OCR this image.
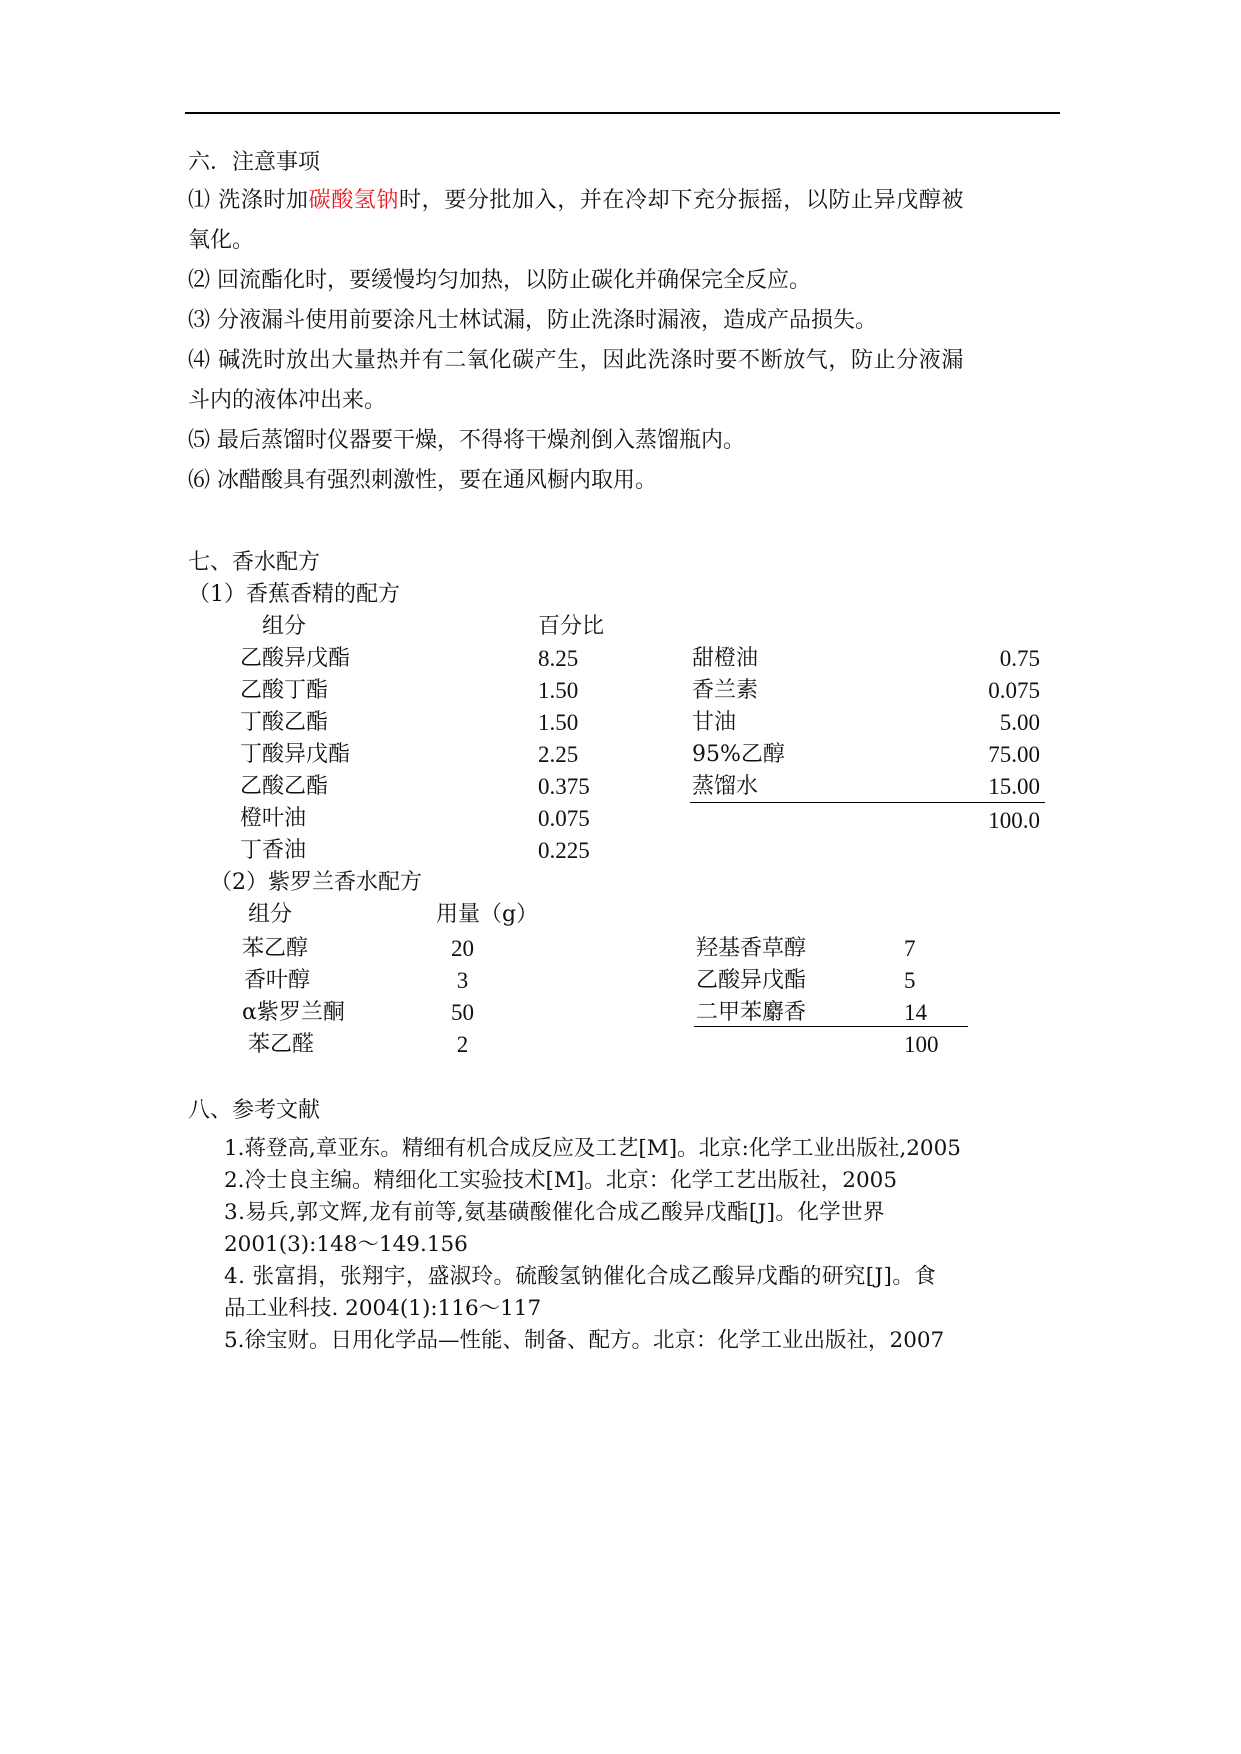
六．注意事项
⑴ 洗涤时加碳酸氢钠时，要分批加入，并在冷却下充分振摇，以防止异戊醇被
氧化。
⑵ 回流酯化时，要缓慢均匀加热，以防止碳化并确保完全反应。
⑶ 分液漏斗使用前要涂凡士林试漏，防止洗涤时漏液，造成产品损失。
⑷ 碱洗时放出大量热并有二氧化碳产生，因此洗涤时要不断放气，防止分液漏
斗内的液体冲出来。
⑸ 最后蒸馏时仪器要干燥，不得将干燥剂倒入蒸馏瓶内。
⑹ 冰醋酸具有强烈刺激性，要在通风橱内取用。
七、香水配方
（1）香蕉香精的配方
组分	百分比
乙酸异戊酯	8.25
乙酸丁酯	1.50
丁酸乙酯	1.50
丁酸异戊酯	2.25
乙酸乙酯	0.375
橙叶油	0.075
丁香油	0.225
甜橙油	0.75
香兰素	0.075
甘油	5.00
95%乙醇	75.00
蒸馏水	15.00
100.0
（2）紫罗兰香水配方
组分	用量（g）
苯乙醇	20
香叶醇	3
α紫罗兰酮	50
苯乙醛	2
羟基香草醇	7
乙酸异戊酯	5
二甲苯麝香	14
100
八、参考文献
1.蒋登高,章亚东。精细有机合成反应及工艺[M]。北京:化学工业出版社,2005
2.冷士良主编。精细化工实验技术[M]。北京：化学工艺出版社，2005
3.易兵,郭文辉,龙有前等,氨基磺酸催化合成乙酸异戊酯[J]。化学世界
2001(3):148～149.156
4. 张富捐，张翔宇，盛淑玲。硫酸氢钠催化合成乙酸异戊酯的研究[J]。食
品工业科技. 2004(1):116～117
5.徐宝财。日用化学品—性能、制备、配方。北京：化学工业出版社，2007
